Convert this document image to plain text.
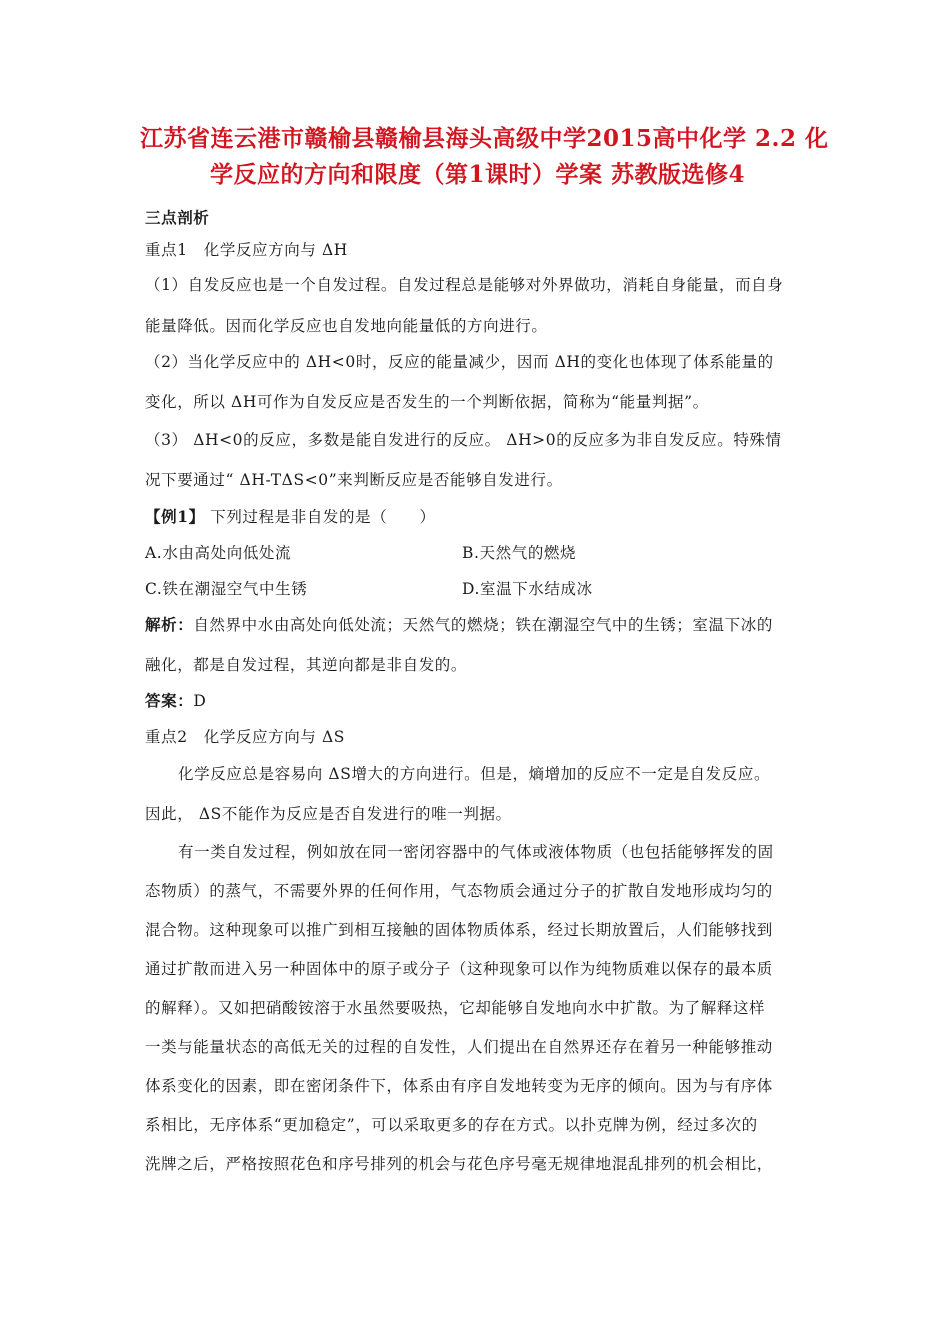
江苏省连云港市赣榆县赣榆县海头高级中学2015高中化学 2.2 化
学反应的方向和限度（第1课时）学案 苏教版选修4
三点剖析
重点1　化学反应方向与 ΔH
（1）自发反应也是一个自发过程。自发过程总是能够对外界做功，消耗自身能量，而自身
能量降低。因而化学反应也自发地向能量低的方向进行。
（2）当化学反应中的 ΔH<0时，反应的能量减少，因而 ΔH的变化也体现了体系能量的
变化，所以 ΔH可作为自发反应是否发生的一个判断依据，简称为“能量判据”。
（3） ΔH<0的反应，多数是能自发进行的反应。 ΔH>0的反应多为非自发反应。特殊情
况下要通过“ ΔH-TΔS<0”来判断反应是否能够自发进行。
【例1】 下列过程是非自发的是（　　）
A.水由高处向低处流	B.天然气的燃烧
C.铁在潮湿空气中生锈	D.室温下水结成冰
解析：自然界中水由高处向低处流；天然气的燃烧；铁在潮湿空气中的生锈；室温下冰的
融化，都是自发过程，其逆向都是非自发的。
答案：D
重点2　化学反应方向与 ΔS
化学反应总是容易向 ΔS增大的方向进行。但是，熵增加的反应不一定是自发反应。
因此， ΔS不能作为反应是否自发进行的唯一判据。
有一类自发过程，例如放在同一密闭容器中的气体或液体物质（也包括能够挥发的固
态物质）的蒸气，不需要外界的任何作用，气态物质会通过分子的扩散自发地形成均匀的
混合物。这种现象可以推广到相互接触的固体物质体系，经过长期放置后，人们能够找到
通过扩散而进入另一种固体中的原子或分子（这种现象可以作为纯物质难以保存的最本质
的解释）。又如把硝酸铵溶于水虽然要吸热，它却能够自发地向水中扩散。为了解释这样
一类与能量状态的高低无关的过程的自发性，人们提出在自然界还存在着另一种能够推动
体系变化的因素，即在密闭条件下，体系由有序自发地转变为无序的倾向。因为与有序体
系相比，无序体系“更加稳定”，可以采取更多的存在方式。以扑克牌为例，经过多次的
洗牌之后，严格按照花色和序号排列的机会与花色序号毫无规律地混乱排列的机会相比，
